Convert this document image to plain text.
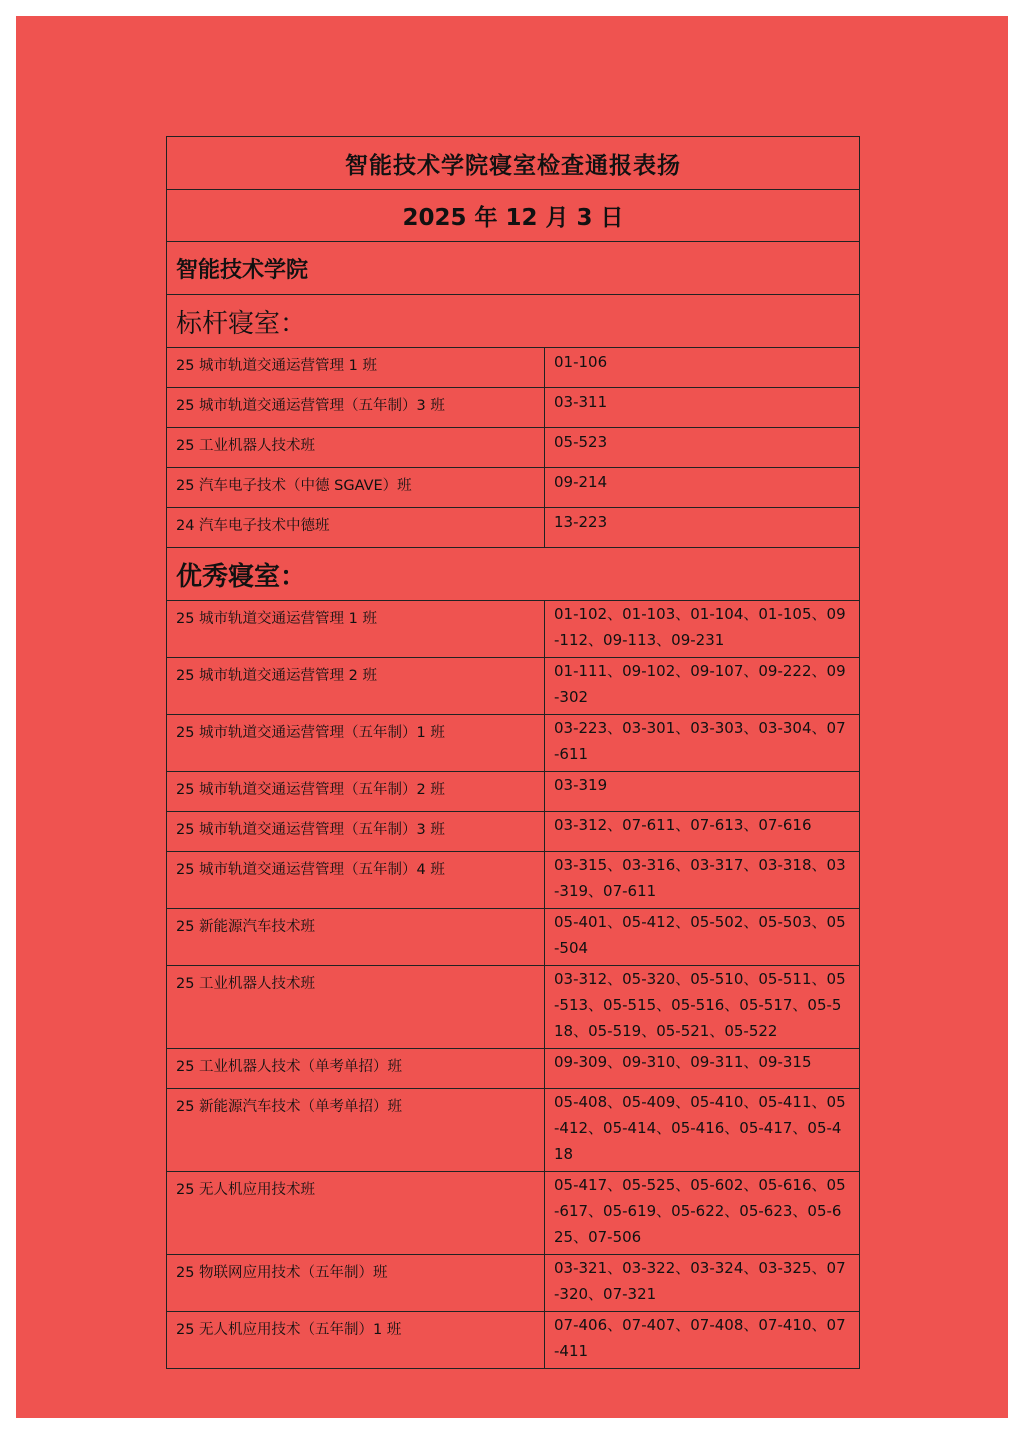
智能技术学院寝室检查通报表扬	
2025 年 12 月 3 日	
智能技术学院	
标杆寝室：	
25 城市轨道交通运营管理 1 班	01-106
25 城市轨道交通运营管理（五年制）3 班	03-311
25 工业机器人技术班	05-523
25 汽车电子技术（中德 SGAVE）班	09-214
24 汽车电子技术中德班	13-223
优秀寝室：	
25 城市轨道交通运营管理 1 班	01-102、01-103、01-104、01-105、09-112、09-113、09-231
25 城市轨道交通运营管理 2 班	01-111、09-102、09-107、09-222、09-302
25 城市轨道交通运营管理（五年制）1 班	03-223、03-301、03-303、03-304、07-611
25 城市轨道交通运营管理（五年制）2 班	03-319
25 城市轨道交通运营管理（五年制）3 班	03-312、07-611、07-613、07-616
25 城市轨道交通运营管理（五年制）4 班	03-315、03-316、03-317、03-318、03-319、07-611
25 新能源汽车技术班	05-401、05-412、05-502、05-503、05-504
25 工业机器人技术班	03-312、05-320、05-510、05-511、05-513、05-515、05-516、05-517、05-518、05-519、05-521、05-522
25 工业机器人技术（单考单招）班	09-309、09-310、09-311、09-315
25 新能源汽车技术（单考单招）班	05-408、05-409、05-410、05-411、05-412、05-414、05-416、05-417、05-418
25 无人机应用技术班	05-417、05-525、05-602、05-616、05-617、05-619、05-622、05-623、05-625、07-506
25 物联网应用技术（五年制）班	03-321、03-322、03-324、03-325、07-320、07-321
25 无人机应用技术（五年制）1 班	07-406、07-407、07-408、07-410、07-411
